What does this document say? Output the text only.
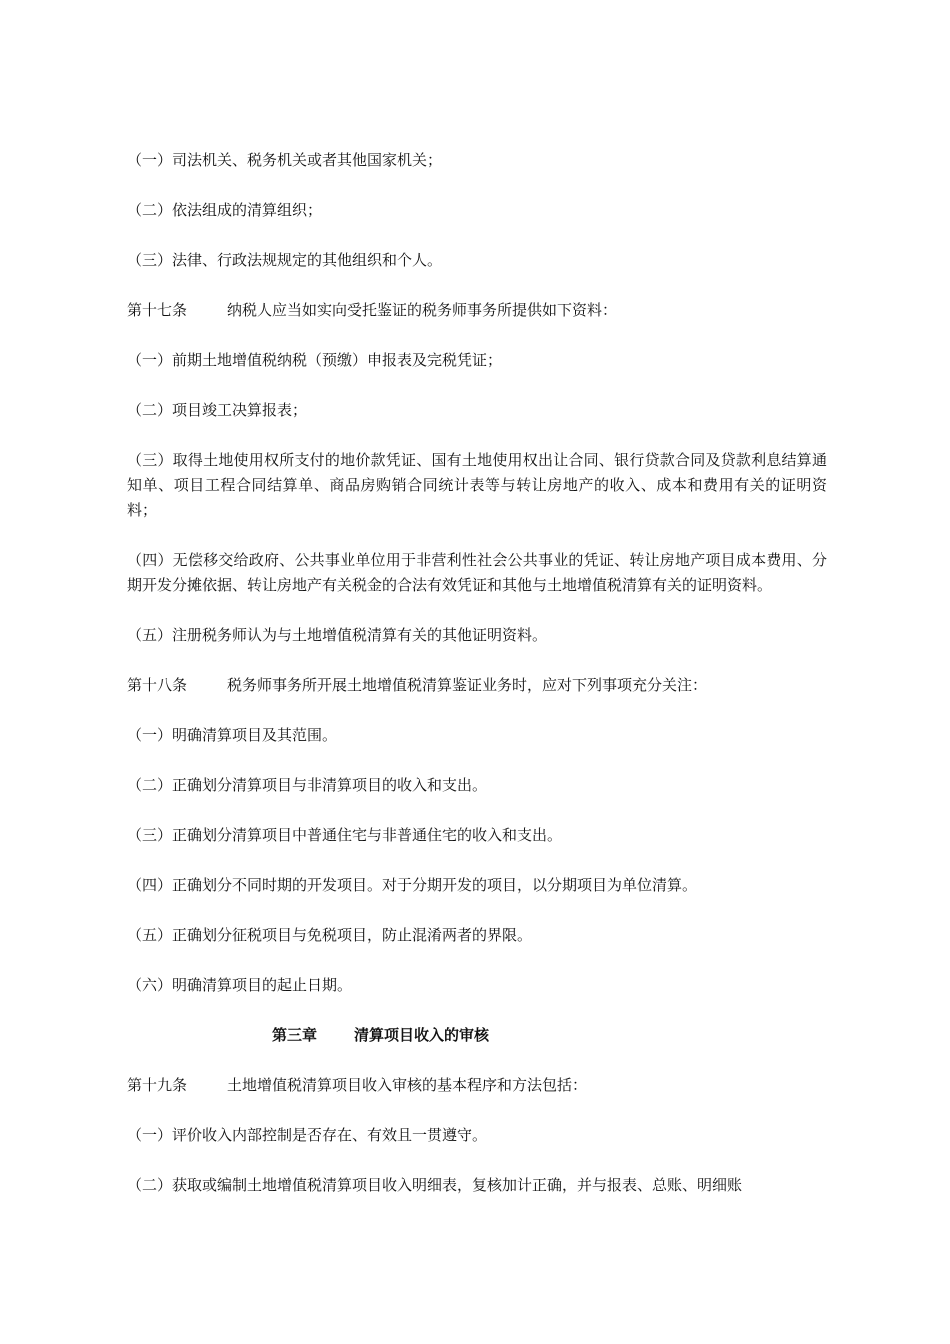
（一）司法机关、税务机关或者其他国家机关；

（二）依法组成的清算组织；

（三）法律、行政法规规定的其他组织和个人。

第十七条	纳税人应当如实向受托鉴证的税务师事务所提供如下资料：

（一）前期土地增值税纳税（预缴）申报表及完税凭证；

（二）项目竣工决算报表；

（三）取得土地使用权所支付的地价款凭证、国有土地使用权出让合同、银行贷款合同及贷款利息结算通知单、项目工程合同结算单、商品房购销合同统计表等与转让房地产的收入、成本和费用有关的证明资料；

（四）无偿移交给政府、公共事业单位用于非营利性社会公共事业的凭证、转让房地产项目成本费用、分期开发分摊依据、转让房地产有关税金的合法有效凭证和其他与土地增值税清算有关的证明资料。

（五）注册税务师认为与土地增值税清算有关的其他证明资料。

第十八条	税务师事务所开展土地增值税清算鉴证业务时，应对下列事项充分关注：

（一）明确清算项目及其范围。

（二）正确划分清算项目与非清算项目的收入和支出。

（三）正确划分清算项目中普通住宅与非普通住宅的收入和支出。

（四）正确划分不同时期的开发项目。对于分期开发的项目，以分期项目为单位清算。

（五）正确划分征税项目与免税项目，防止混淆两者的界限。

（六）明确清算项目的起止日期。

第三章 清算项目收入的审核

第十九条	土地增值税清算项目收入审核的基本程序和方法包括：

（一）评价收入内部控制是否存在、有效且一贯遵守。

（二）获取或编制土地增值税清算项目收入明细表，复核加计正确，并与报表、总账、明细账
